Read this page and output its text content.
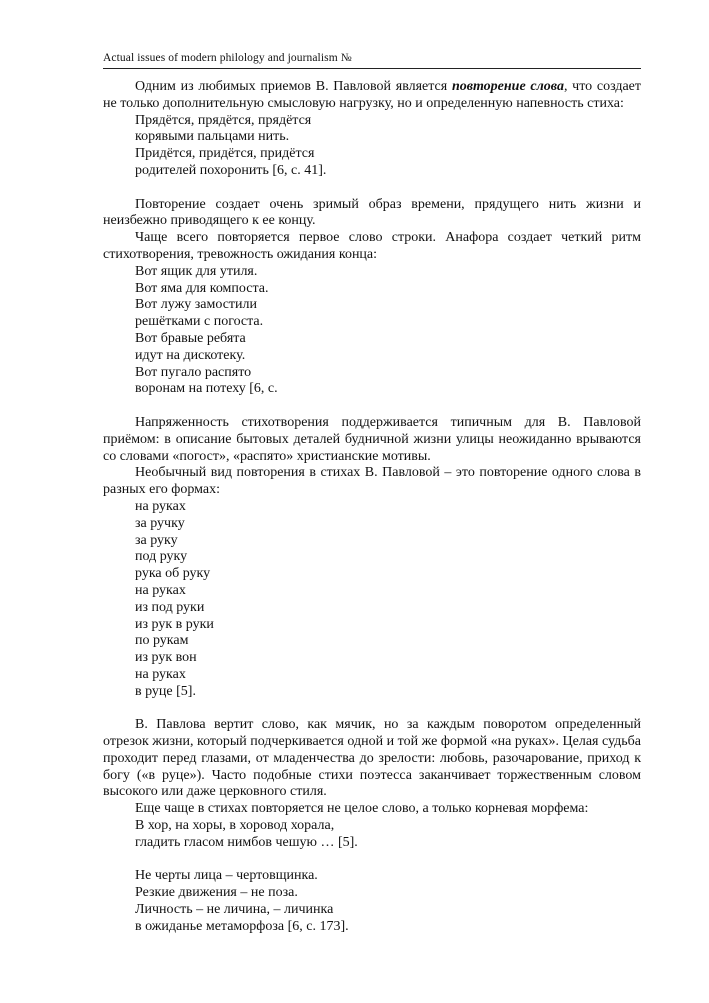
Actual issues of modern philology and journalism №

Одним из любимых приемов В. Павловой является повторение слова, что создает не только дополнительную смысловую нагрузку, но и определенную напевность стиха:

Прядётся, прядётся, прядётся
корявыми пальцами нить.
Придётся, придётся, придётся
родителей похоронить [6, с. 41].

Повторение создает очень зримый образ времени, прядущего нить жизни и неизбежно приводящего к ее концу.

Чаще всего повторяется первое слово строки. Анафора создает четкий ритм стихотворения, тревожность ожидания конца:

Вот ящик для утиля.
Вот яма для компоста.
Вот лужу замостили
решётками с погоста.
Вот бравые ребята
идут на дискотеку.
Вот пугало распято
воронам на потеху [6, с.

Напряженность стихотворения поддерживается типичным для В. Павловой приёмом: в описание бытовых деталей будничной жизни улицы неожиданно врываются со словами «погост», «распято» христианские мотивы.

Необычный вид повторения в стихах В. Павловой – это повторение одного слова в разных его формах:

на руках
за ручку
за руку
под руку
рука об руку
на руках
из под руки
из рук в руки
по рукам
из рук вон
на руках
в руце [5].

В. Павлова вертит слово, как мячик, но за каждым поворотом определенный отрезок жизни, который подчеркивается одной и той же формой «на руках». Целая судьба проходит перед глазами, от младенчества до зрелости: любовь, разочарование, приход к богу («в руце»). Часто подобные стихи поэтесса заканчивает торжественным словом высокого или даже церковного стиля.

Еще чаще в стихах повторяется не целое слово, а только корневая морфема:

В хор, на хоры, в хоровод хорала,
гладить гласом нимбов чешую … [5].
Не черты лица – чертовщинка.
Резкие движения – не поза.
Личность – не личина, – личинка
в ожиданье метаморфоза [6, с. 173].
